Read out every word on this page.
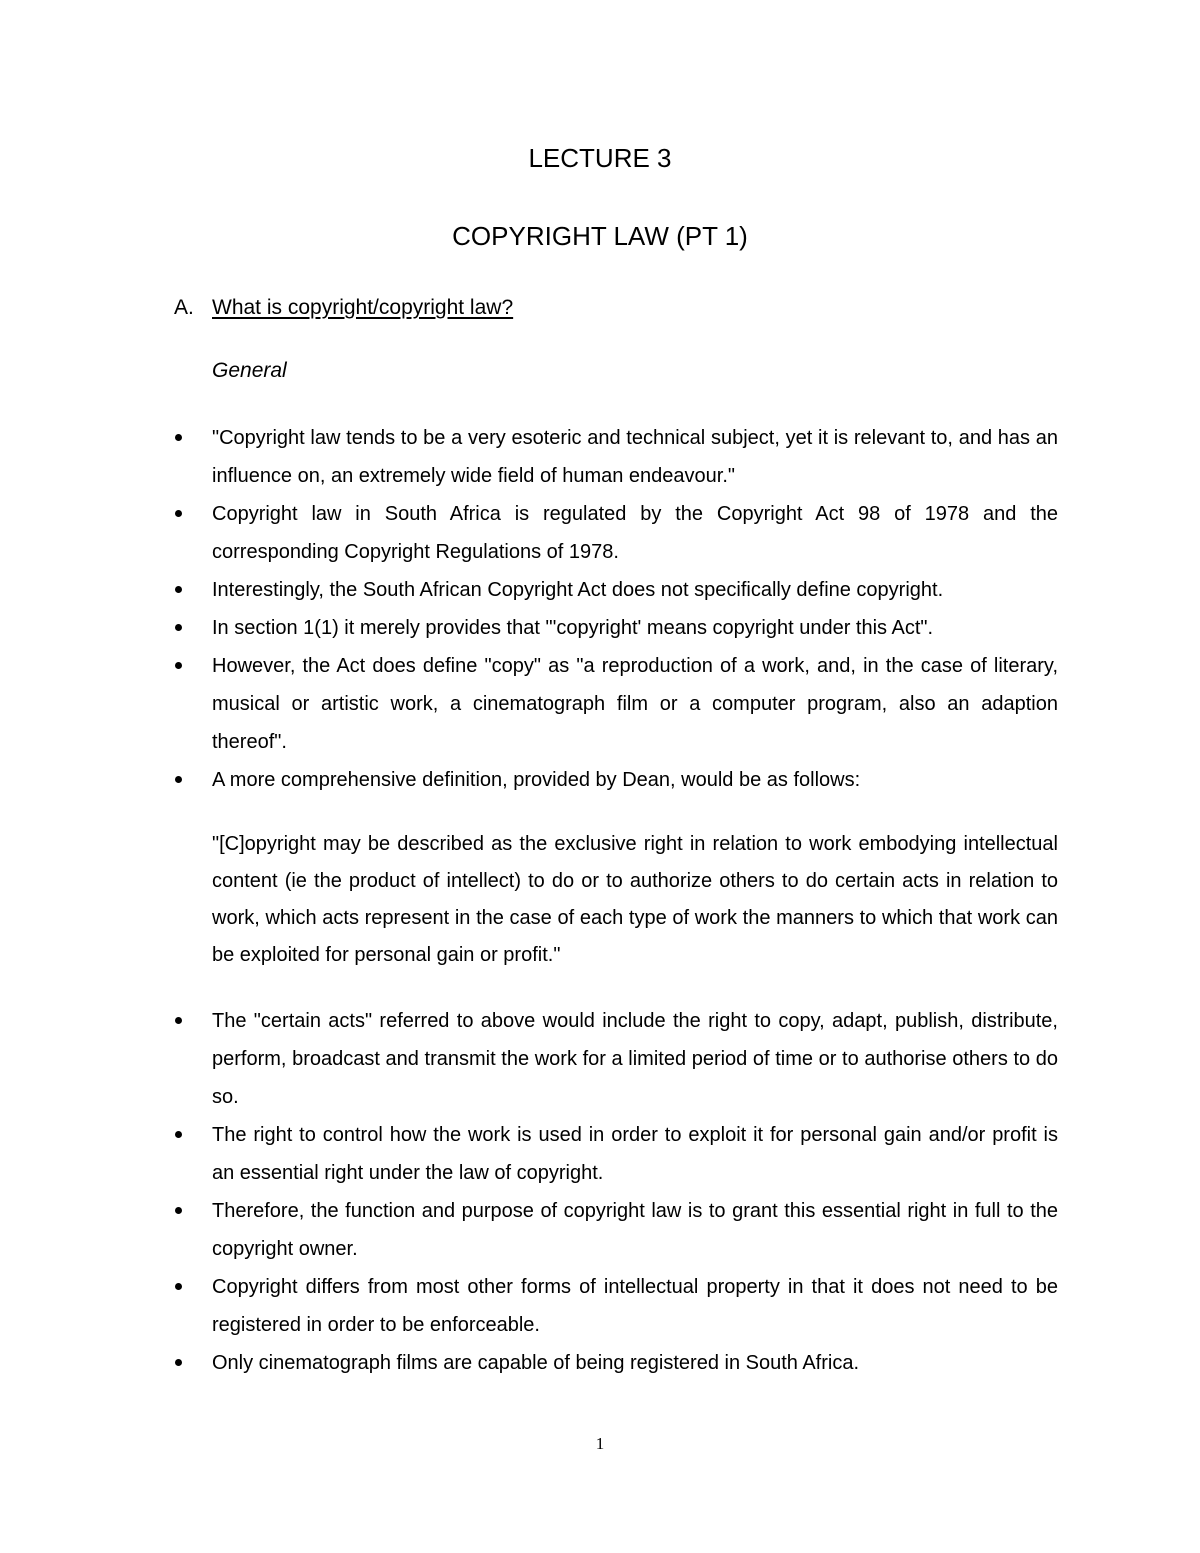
LECTURE 3
COPYRIGHT LAW (PT 1)
A. What is copyright/copyright law?
General
"Copyright law tends to be a very esoteric and technical subject, yet it is relevant to, and has an influence on, an extremely wide field of human endeavour."
Copyright law in South Africa is regulated by the Copyright Act 98 of 1978 and the corresponding Copyright Regulations of 1978.
Interestingly, the South African Copyright Act does not specifically define copyright.
In section 1(1) it merely provides that "'copyright' means copyright under this Act".
However, the Act does define "copy" as "a reproduction of a work, and, in the case of literary, musical or artistic work, a cinematograph film or a computer program, also an adaption thereof".
A more comprehensive definition, provided by Dean, would be as follows:

"[C]opyright may be described as the exclusive right in relation to work embodying intellectual content (ie the product of intellect) to do or to authorize others to do certain acts in relation to work, which acts represent in the case of each type of work the manners to which that work can be exploited for personal gain or profit."

The "certain acts" referred to above would include the right to copy, adapt, publish, distribute, perform, broadcast and transmit the work for a limited period of time or to authorise others to do so.
The right to control how the work is used in order to exploit it for personal gain and/or profit is an essential right under the law of copyright.
Therefore, the function and purpose of copyright law is to grant this essential right in full to the copyright owner.
Copyright differs from most other forms of intellectual property in that it does not need to be registered in order to be enforceable.
Only cinematograph films are capable of being registered in South Africa.
1
